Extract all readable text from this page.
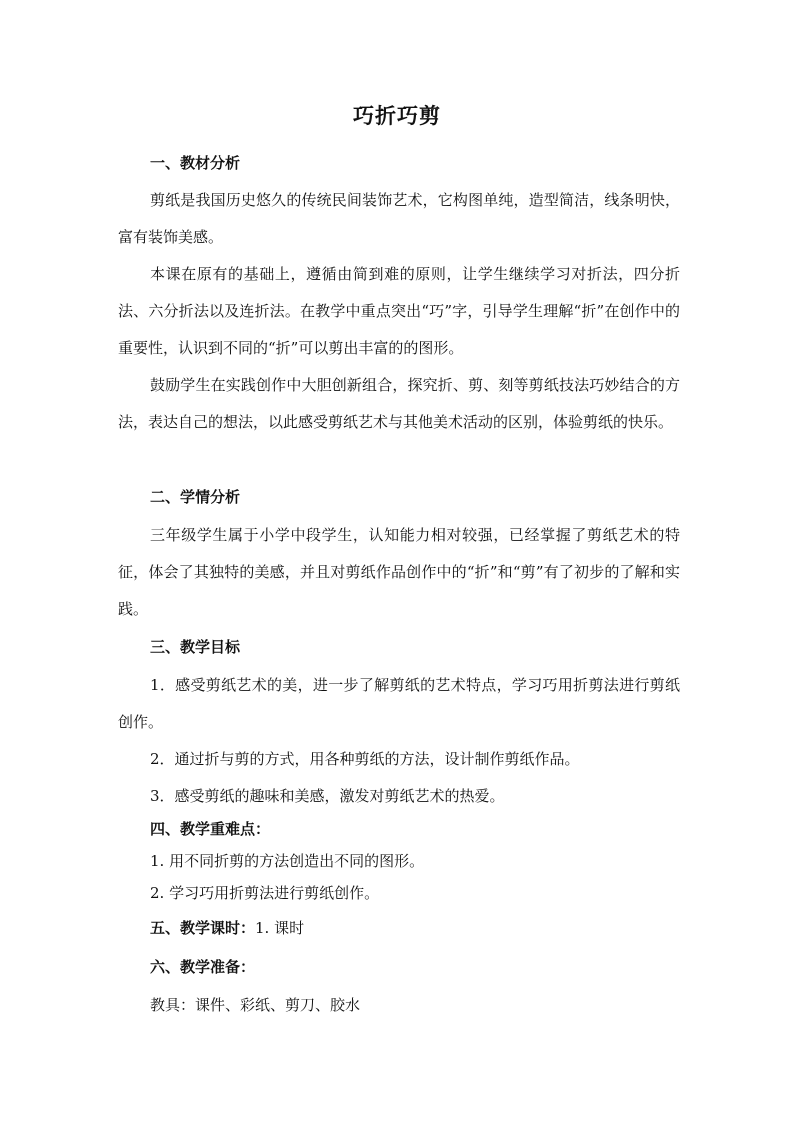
巧折巧剪
一、教材分析

剪纸是我国历史悠久的传统民间装饰艺术，它构图单纯，造型简洁，线条明快，富有装饰美感。

本课在原有的基础上，遵循由简到难的原则，让学生继续学习对折法，四分折法、六分折法以及连折法。在教学中重点突出“巧”字，引导学生理解“折”在创作中的重要性，认识到不同的“折”可以剪出丰富的的图形。

鼓励学生在实践创作中大胆创新组合，探究折、剪、刻等剪纸技法巧妙结合的方法，表达自己的想法，以此感受剪纸艺术与其他美术活动的区别，体验剪纸的快乐。

二、学情分析

三年级学生属于小学中段学生，认知能力相对较强，已经掌握了剪纸艺术的特征，体会了其独特的美感，并且对剪纸作品创作中的“折”和“剪”有了初步的了解和实践。

三、教学目标

1．感受剪纸艺术的美，进一步了解剪纸的艺术特点，学习巧用折剪法进行剪纸创作。

2．通过折与剪的方式，用各种剪纸的方法，设计制作剪纸作品。

3．感受剪纸的趣味和美感，激发对剪纸艺术的热爱。

四、教学重难点：
1. 用不同折剪的方法创造出不同的图形。
2. 学习巧用折剪法进行剪纸创作。
五、教学课时：1. 课时
六、教学准备：
教具：课件、彩纸、剪刀、胶水
